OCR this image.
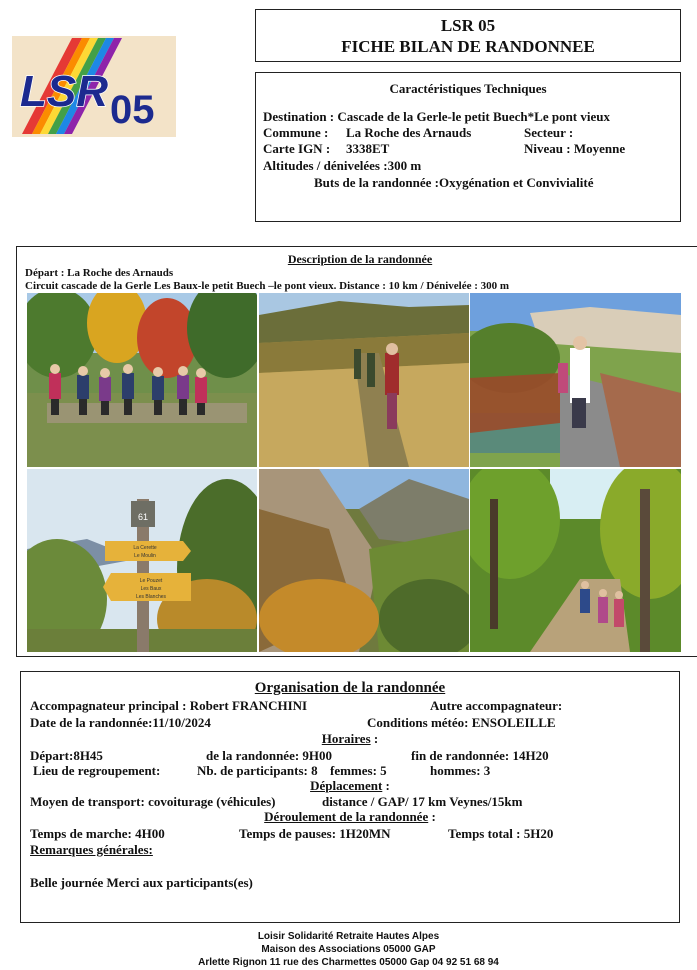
LSR 05
LSR 05
FICHE BILAN DE RANDONNEE
Caractéristiques Techniques
Destination : Cascade de la Gerle-le petit Buech*Le pont vieux
Commune : La Roche des Arnauds	Secteur :
Carte IGN : 3338ET	Niveau : Moyenne
Altitudes / dénivelées :300 m
Buts de la randonnée :Oxygénation et Convivialité
Description de la randonnée
Départ : La Roche des Arnauds
Circuit cascade de la Gerle Les Baux-le petit Buech –le pont vieux. Distance : 10 km / Dénivelée : 300 m
61
La Cerette
Le Moulin
Le Pouzet
Les Baux
Les Blanches
Organisation de la randonnée
Accompagnateur principal : Robert FRANCHINI	Autre accompagnateur:
Date de la randonnée:11/10/2024	Conditions météo: ENSOLEILLE
Horaires :
Départ:8H45	de la randonnée: 9H00	fin de randonnée: 14H20
Lieu de regroupement:	Nb. de participants: 8 femmes: 5	hommes: 3
Déplacement :
Moyen de transport: covoiturage (véhicules)	distance / GAP/ 17 km Veynes/15km
Déroulement de la randonnée :
Temps de marche: 4H00	Temps de pauses: 1H20MN	Temps total : 5H20
Remarques générales:
Belle journée Merci aux participants(es)
Loisir Solidarité Retraite Hautes Alpes
Maison des Associations 05000 GAP
Arlette Rignon 11 rue des Charmettes 05000 Gap 04 92 51 68 94
